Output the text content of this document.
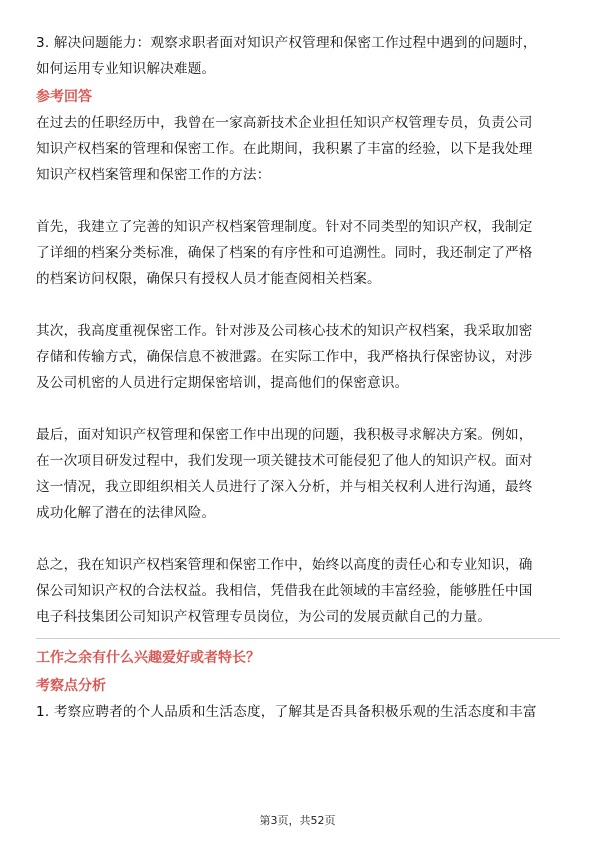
3. 解决问题能力：观察求职者面对知识产权管理和保密工作过程中遇到的问题时，

如何运用专业知识解决难题。

参考回答

在过去的任职经历中，我曾在一家高新技术企业担任知识产权管理专员，负责公司

知识产权档案的管理和保密工作。在此期间，我积累了丰富的经验，以下是我处理

知识产权档案管理和保密工作的方法：

首先，我建立了完善的知识产权档案管理制度。针对不同类型的知识产权，我制定

了详细的档案分类标准，确保了档案的有序性和可追溯性。同时，我还制定了严格

的档案访问权限，确保只有授权人员才能查阅相关档案。

其次，我高度重视保密工作。针对涉及公司核心技术的知识产权档案，我采取加密

存储和传输方式，确保信息不被泄露。在实际工作中，我严格执行保密协议，对涉

及公司机密的人员进行定期保密培训，提高他们的保密意识。

最后，面对知识产权管理和保密工作中出现的问题，我积极寻求解决方案。例如，

在一次项目研发过程中，我们发现一项关键技术可能侵犯了他人的知识产权。面对

这一情况，我立即组织相关人员进行了深入分析，并与相关权利人进行沟通，最终

成功化解了潜在的法律风险。

总之，我在知识产权档案管理和保密工作中，始终以高度的责任心和专业知识，确

保公司知识产权的合法权益。我相信，凭借我在此领域的丰富经验，能够胜任中国

电子科技集团公司知识产权管理专员岗位，为公司的发展贡献自己的力量。

工作之余有什么兴趣爱好或者特长？

考察点分析

1. 考察应聘者的个人品质和生活态度，了解其是否具备积极乐观的生活态度和丰富

第3页，共52页
